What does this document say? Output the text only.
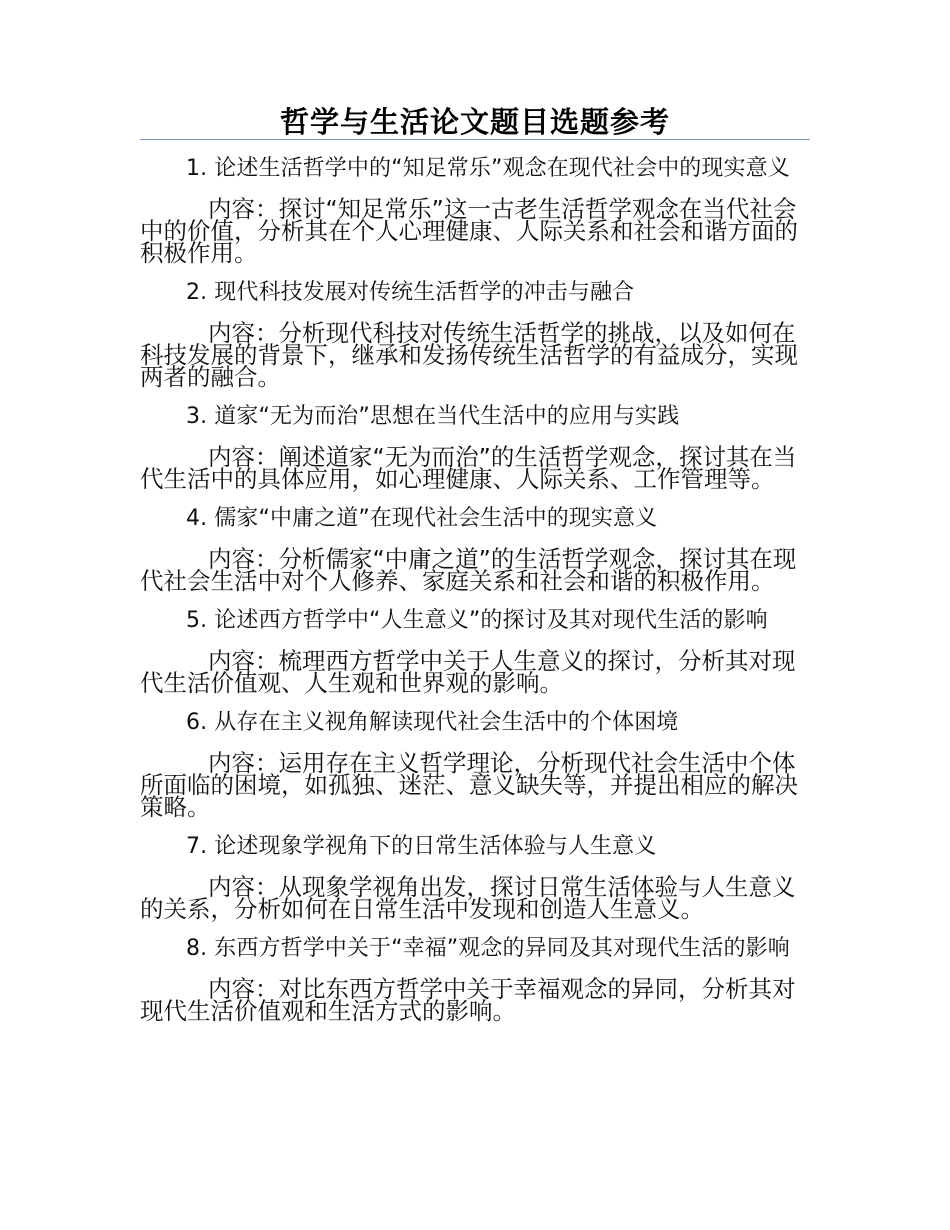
哲学与生活论文题目选题参考
1. 论述生活哲学中的“知足常乐”观念在现代社会中的现实意义
内容：探讨“知足常乐”这一古老生活哲学观念在当代社会中的价值，分析其在个人心理健康、人际关系和社会和谐方面的积极作用。
2. 现代科技发展对传统生活哲学的冲击与融合
内容：分析现代科技对传统生活哲学的挑战，以及如何在科技发展的背景下，继承和发扬传统生活哲学的有益成分，实现两者的融合。
3. 道家“无为而治”思想在当代生活中的应用与实践
内容：阐述道家“无为而治”的生活哲学观念，探讨其在当代生活中的具体应用，如心理健康、人际关系、工作管理等。
4. 儒家“中庸之道”在现代社会生活中的现实意义
内容：分析儒家“中庸之道”的生活哲学观念，探讨其在现代社会生活中对个人修养、家庭关系和社会和谐的积极作用。
5. 论述西方哲学中“人生意义”的探讨及其对现代生活的影响
内容：梳理西方哲学中关于人生意义的探讨，分析其对现代生活价值观、人生观和世界观的影响。
6. 从存在主义视角解读现代社会生活中的个体困境
内容：运用存在主义哲学理论，分析现代社会生活中个体所面临的困境，如孤独、迷茫、意义缺失等，并提出相应的解决策略。
7. 论述现象学视角下的日常生活体验与人生意义
内容：从现象学视角出发，探讨日常生活体验与人生意义的关系，分析如何在日常生活中发现和创造人生意义。
8. 东西方哲学中关于“幸福”观念的异同及其对现代生活的影响
内容：对比东西方哲学中关于幸福观念的异同，分析其对现代生活价值观和生活方式的影响。
